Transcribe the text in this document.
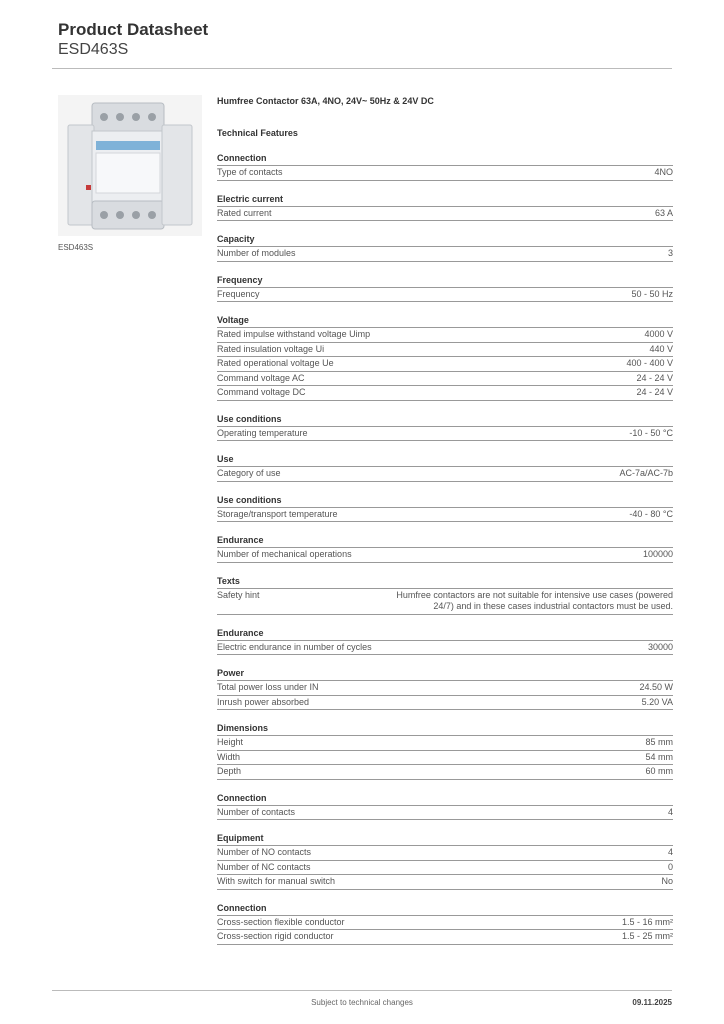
Product Datasheet
ESD463S
ESD463S
Humfree Contactor 63A, 4NO, 24V~ 50Hz & 24V DC
Technical Features
Connection
Type of contacts	4NO
Electric current
Rated current	63 A
Capacity
Number of modules	3
Frequency
Frequency	50 - 50 Hz
Voltage
Rated impulse withstand voltage Uimp	4000 V
Rated insulation voltage Ui	440 V
Rated operational voltage Ue	400 - 400 V
Command voltage AC	24 - 24 V
Command voltage DC	24 - 24 V
Use conditions
Operating temperature	-10 - 50 °C
Use
Category of use	AC-7a/AC-7b
Use conditions
Storage/transport temperature	-40 - 80 °C
Endurance
Number of mechanical operations	100000
Texts
Safety hint	Humfree contactors are not suitable for intensive use cases (powered 24/7) and in these cases industrial contactors must be used.
Endurance
Electric endurance in number of cycles	30000
Power
Total power loss under IN	24.50 W
Inrush power absorbed	5.20 VA
Dimensions
Height	85 mm
Width	54 mm
Depth	60 mm
Connection
Number of contacts	4
Equipment
Number of NO contacts	4
Number of NC contacts	0
With switch for manual switch	No
Connection
Cross-section flexible conductor	1.5 - 16 mm²
Cross-section rigid conductor	1.5 - 25 mm²
Subject to technical changes	09.11.2025
